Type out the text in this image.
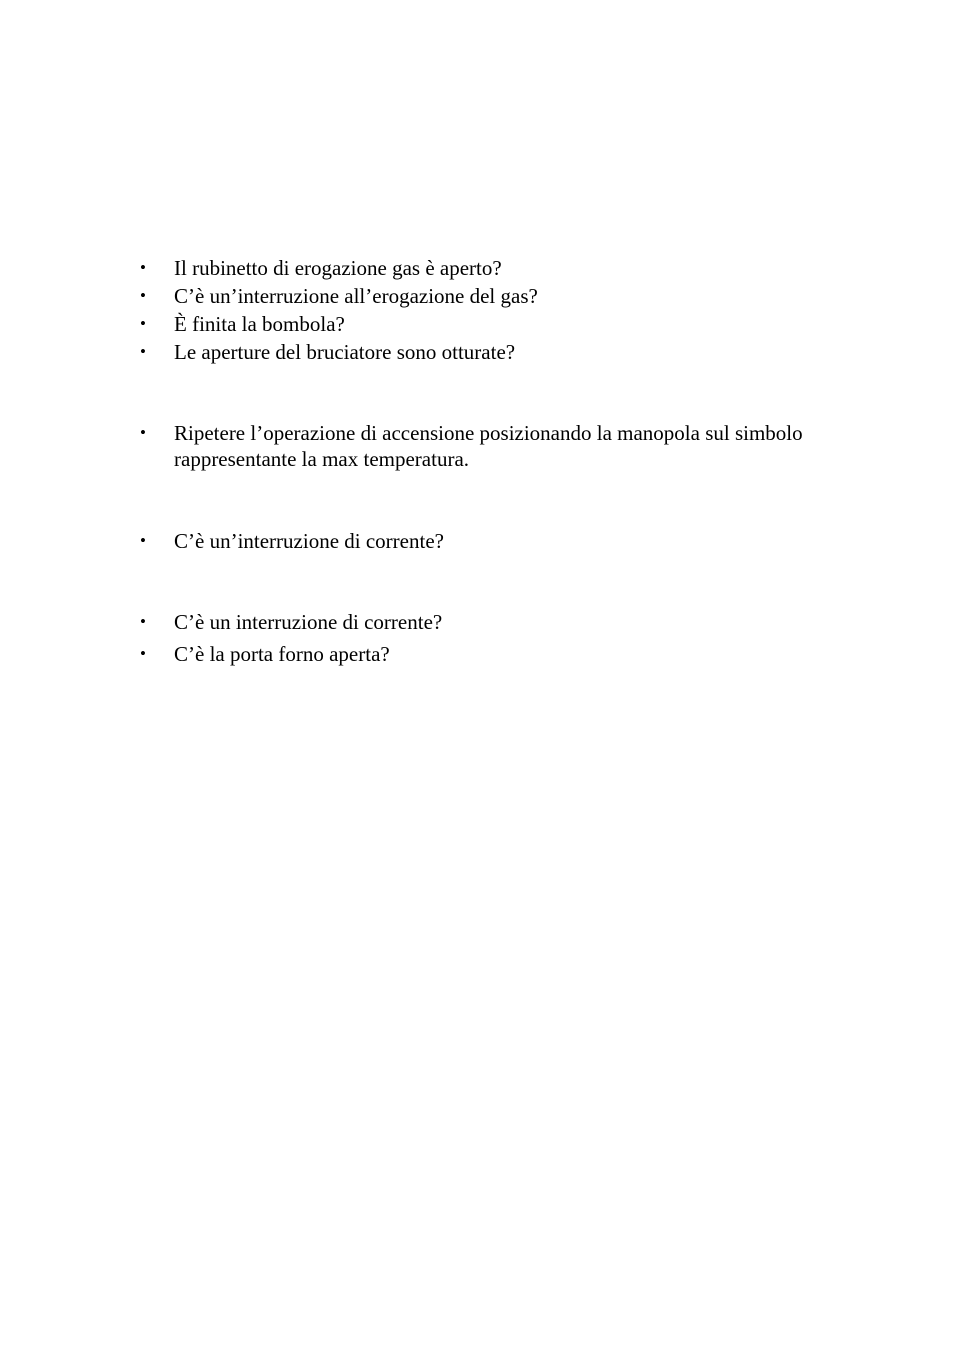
• Il rubinetto di erogazione gas è aperto?
• C’è un’interruzione all’erogazione del gas?
• È finita la bombola?
• Le aperture del bruciatore sono otturate?
• Ripetere l’operazione di accensione posizionando la manopola sul simbolo rappresentante la max temperatura.
• C’è un’interruzione di corrente?
• C’è un interruzione di corrente?
• C’è la porta forno aperta?
